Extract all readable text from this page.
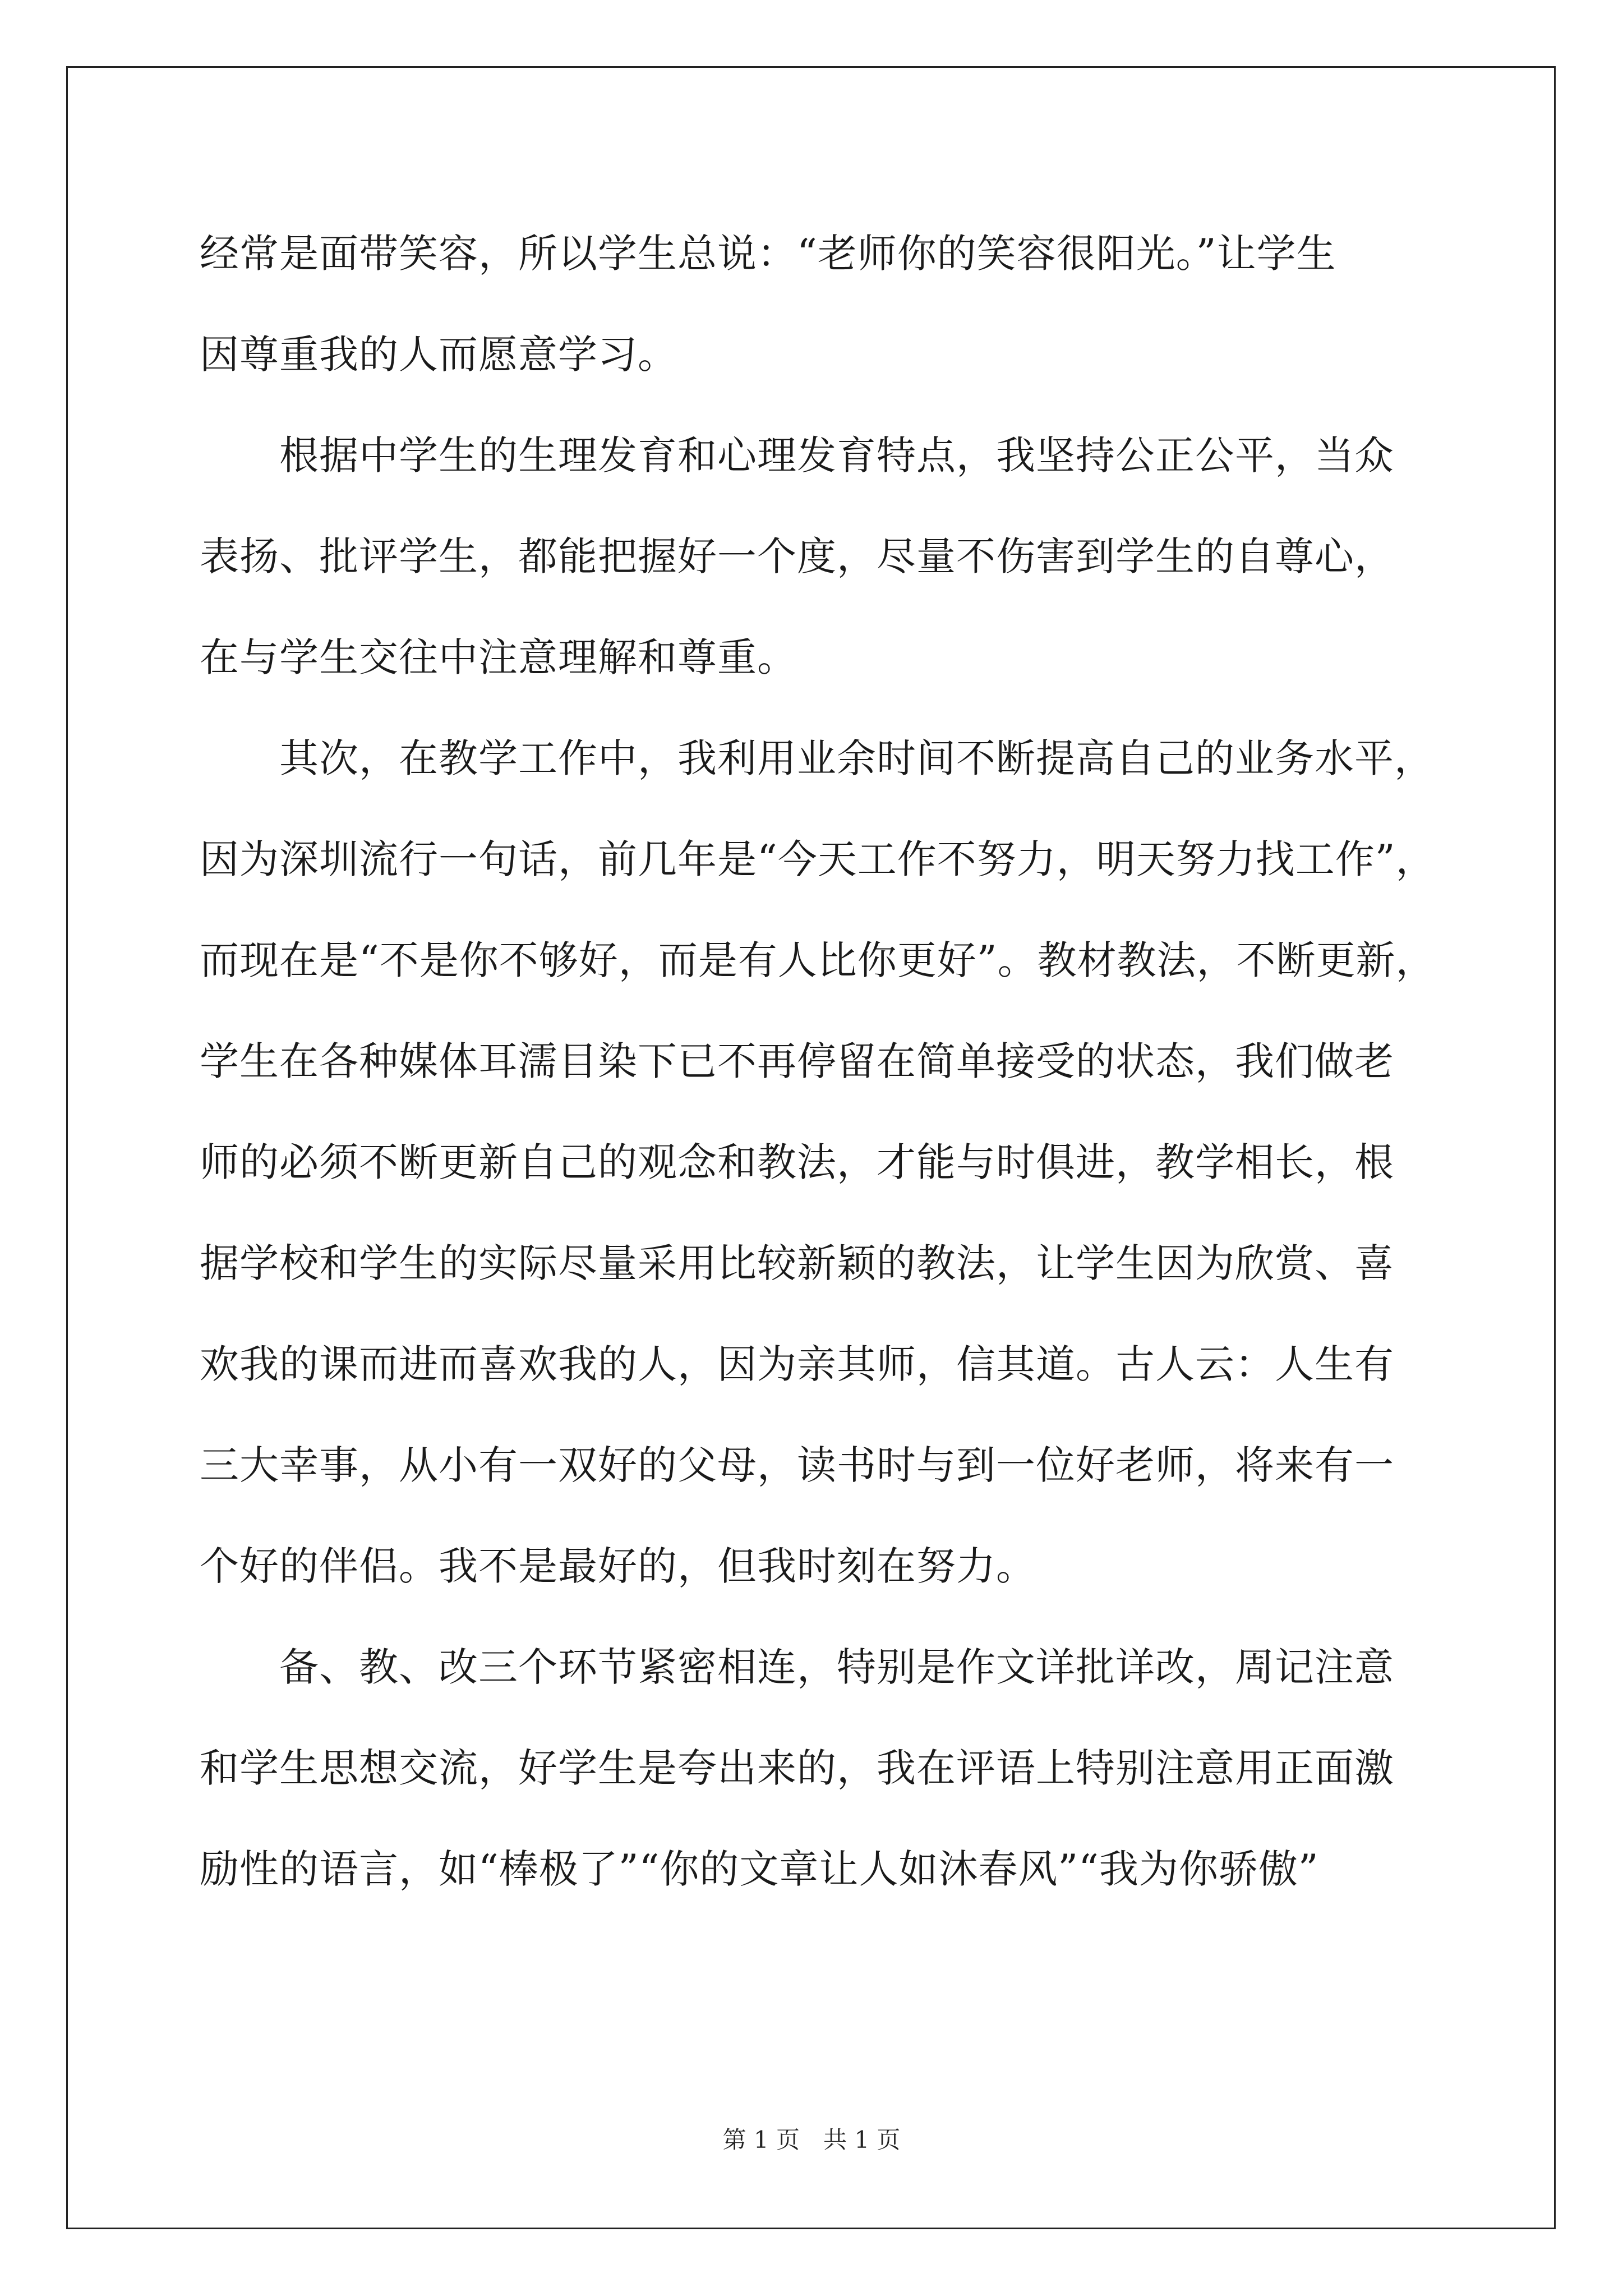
经常是面带笑容，所以学生总说：“老师你的笑容很阳光。”让学生
因尊重我的人而愿意学习。
根据中学生的生理发育和心理发育特点，我坚持公正公平，当众
表扬、批评学生，都能把握好一个度，尽量不伤害到学生的自尊心，
在与学生交往中注意理解和尊重。
其次，在教学工作中，我利用业余时间不断提高自己的业务水平，
因为深圳流行一句话，前几年是“今天工作不努力，明天努力找工作”，
而现在是“不是你不够好，而是有人比你更好”。教材教法，不断更新，
学生在各种媒体耳濡目染下已不再停留在简单接受的状态，我们做老
师的必须不断更新自己的观念和教法，才能与时俱进，教学相长，根
据学校和学生的实际尽量采用比较新颖的教法，让学生因为欣赏、喜
欢我的课而进而喜欢我的人，因为亲其师，信其道。古人云：人生有
三大幸事，从小有一双好的父母，读书时与到一位好老师，将来有一
个好的伴侣。我不是最好的，但我时刻在努力。
备、教、改三个环节紧密相连，特别是作文详批详改，周记注意
和学生思想交流，好学生是夸出来的，我在评语上特别注意用正面激
励性的语言，如“棒极了”“你的文章让人如沐春风”“我为你骄傲”
第 1 页　共 1 页
